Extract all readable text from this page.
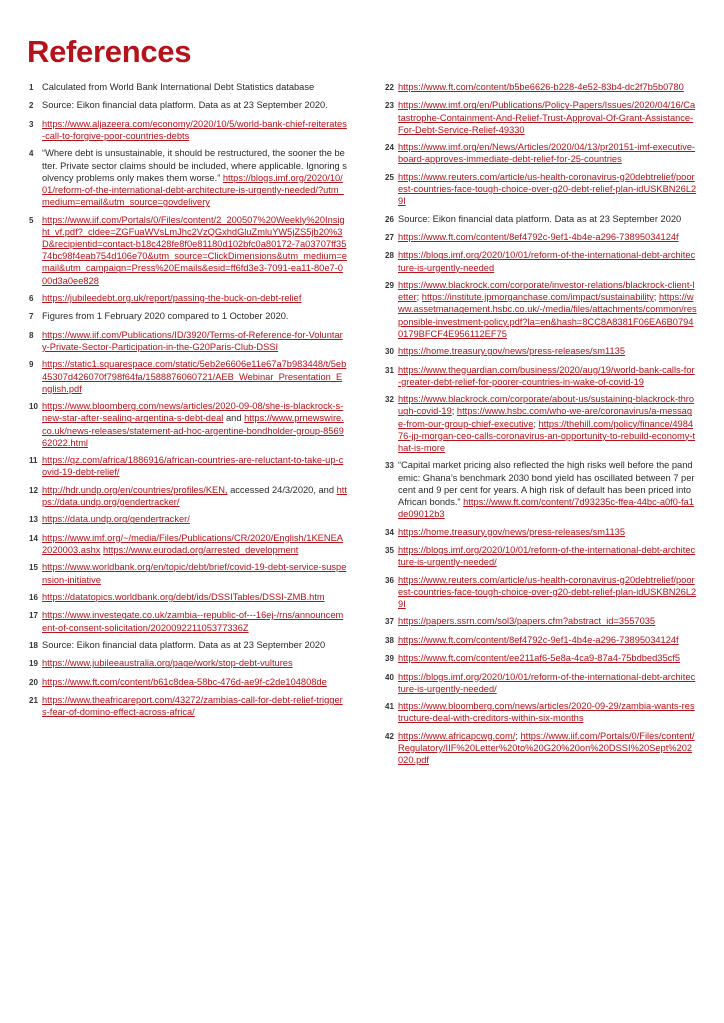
References
1 Calculated from World Bank International Debt Statistics database
2 Source: Eikon financial data platform. Data as at 23 September 2020.
3 https://www.aljazeera.com/economy/2020/10/5/world-bank-chief-reiterates-call-to-forgive-poor-countries-debts
4 “Where debt is unsustainable, it should be restructured, the sooner the better. Private sector claims should be included, where applicable. Ignoring solvency problems only makes them worse.” https://blogs.imf.org/2020/10/01/reform-of-the-international-debt-architecture-is-urgently-needed/?utm_medium=email&utm_source=govdelivery
5 https://www.iif.com/Portals/0/Files/content/2_200507%20Weekly%20Insight_vf.pdf?_cldee=ZGFuaWVsLmJhc2VzQGxhdGluZmluYW5jZS5jb20%3D&recipientid=contact-b18c428fe8f0e81180d102bfc0a80172-7a03707ff3574bc98f4eab754d106e70&utm_source=ClickDimensions&utm_medium=email&utm_campaign=Press%20Emails&esid=ff6fd3e3-7091-ea11-80e7-000d3a0ee828
6 https://jubileedebt.org.uk/report/passing-the-buck-on-debt-relief
7 Figures from 1 February 2020 compared to 1 October 2020.
8 https://www.iif.com/Publications/ID/3920/Terms-of-Reference-for-Voluntary-Private-Sector-Participation-in-the-G20Paris-Club-DSSI
9 https://static1.squarespace.com/static/5eb2e6606e11e67a7b983448/t/5eb45307d426070f798f64fa/1588876060721/AEB_Webinar_Presentation_English.pdf
10 https://www.bloomberg.com/news/articles/2020-09-08/she-is-blackrock-s-new-star-after-sealing-argentina-s-debt-deal and https://www.prnewswire.co.uk/news-releases/statement-ad-hoc-argentine-bondholder-group-856962022.html
11 https://qz.com/africa/1886916/african-countries-are-reluctant-to-take-up-covid-19-debt-relief/
12 http://hdr.undp.org/en/countries/profiles/KEN, accessed 24/3/2020, and https://data.undp.org/gendertracker/
13 https://data.undp.org/gendertracker/
14 https://www.imf.org/~/media/Files/Publications/CR/2020/English/1KENEA2020003.ashx https://www.eurodad.org/arrested_development
15 https://www.worldbank.org/en/topic/debt/brief/covid-19-debt-service-suspension-initiative
16 https://datatopics.worldbank.org/debt/ids/DSSITables/DSSI-ZMB.htm
17 https://www.investegate.co.uk/zambia--republic-of---16ej-/rns/announcement-of-consent-solicitation/202009221105377336Z
18 Source: Eikon financial data platform. Data as at 23 September 2020
19 https://www.jubileeaustralia.org/page/work/stop-debt-vultures
20 https://www.ft.com/content/b61c8dea-58bc-476d-ae9f-c2de104808de
21 https://www.theafricareport.com/43272/zambias-call-for-debt-relief-triggers-fear-of-domino-effect-across-africa/
22 https://www.ft.com/content/b5be6626-b228-4e52-83b4-dc2f7b5b0780
23 https://www.imf.org/en/Publications/Policy-Papers/Issues/2020/04/16/Catastrophe-Containment-And-Relief-Trust-Approval-Of-Grant-Assistance-For-Debt-Service-Relief-49330
24 https://www.imf.org/en/News/Articles/2020/04/13/pr20151-imf-executive-board-approves-immediate-debt-relief-for-25-countries
25 https://www.reuters.com/article/us-health-coronavirus-g20debtrelief/poorest-countries-face-tough-choice-over-g20-debt-relief-plan-idUSKBN26L29I
26 Source: Eikon financial data platform. Data as at 23 September 2020
27 https://www.ft.com/content/8ef4792c-9ef1-4b4e-a296-73895034124f
28 https://blogs.imf.org/2020/10/01/reform-of-the-international-debt-architecture-is-urgently-needed
29 https://www.blackrock.com/corporate/investor-relations/blackrock-client-letter; https://institute.jpmorganchase.com/impact/sustainability; https://www.assetmanagement.hsbc.co.uk/-/media/files/attachments/common/responsible-investment-policy.pdf?la=en&hash=8CC8A8381F06EA6B07940179BFCF4E956112EF75
30 https://home.treasury.gov/news/press-releases/sm1135
31 https://www.theguardian.com/business/2020/aug/19/world-bank-calls-for-greater-debt-relief-for-poorer-countries-in-wake-of-covid-19
32 https://www.blackrock.com/corporate/about-us/sustaining-blackrock-through-covid-19; https://www.hsbc.com/who-we-are/coronavirus/a-message-from-our-group-chief-executive; https://thehill.com/policy/finance/498476-jp-morgan-ceo-calls-coronavirus-an-opportunity-to-rebuild-economy-that-is-more
33 “Capital market pricing also reflected the high risks well before the pandemic: Ghana’s benchmark 2030 bond yield has oscillated between 7 per cent and 9 per cent for years. A high risk of default has been priced into African bonds.” https://www.ft.com/content/7d93235c-ffea-44bc-a0f0-fa1de09012b3
34 https://home.treasury.gov/news/press-releases/sm1135
35 https://blogs.imf.org/2020/10/01/reform-of-the-international-debt-architecture-is-urgently-needed/
36 https://www.reuters.com/article/us-health-coronavirus-g20debtrelief/poorest-countries-face-tough-choice-over-g20-debt-relief-plan-idUSKBN26L29I
37 https://papers.ssrn.com/sol3/papers.cfm?abstract_id=3557035
38 https://www.ft.com/content/8ef4792c-9ef1-4b4e-a296-73895034124f
39 https://www.ft.com/content/ee211af6-5e8a-4ca9-87a4-75bdbed35cf5
40 https://blogs.imf.org/2020/10/01/reform-of-the-international-debt-architecture-is-urgently-needed/
41 https://www.bloomberg.com/news/articles/2020-09-29/zambia-wants-restructure-deal-with-creditors-within-six-months
42 https://www.africapcwg.com/; https://www.iif.com/Portals/0/Files/content/Regulatory/IIF%20Letter%20to%20G20%20on%20DSSI%20Sept%202020.pdf
